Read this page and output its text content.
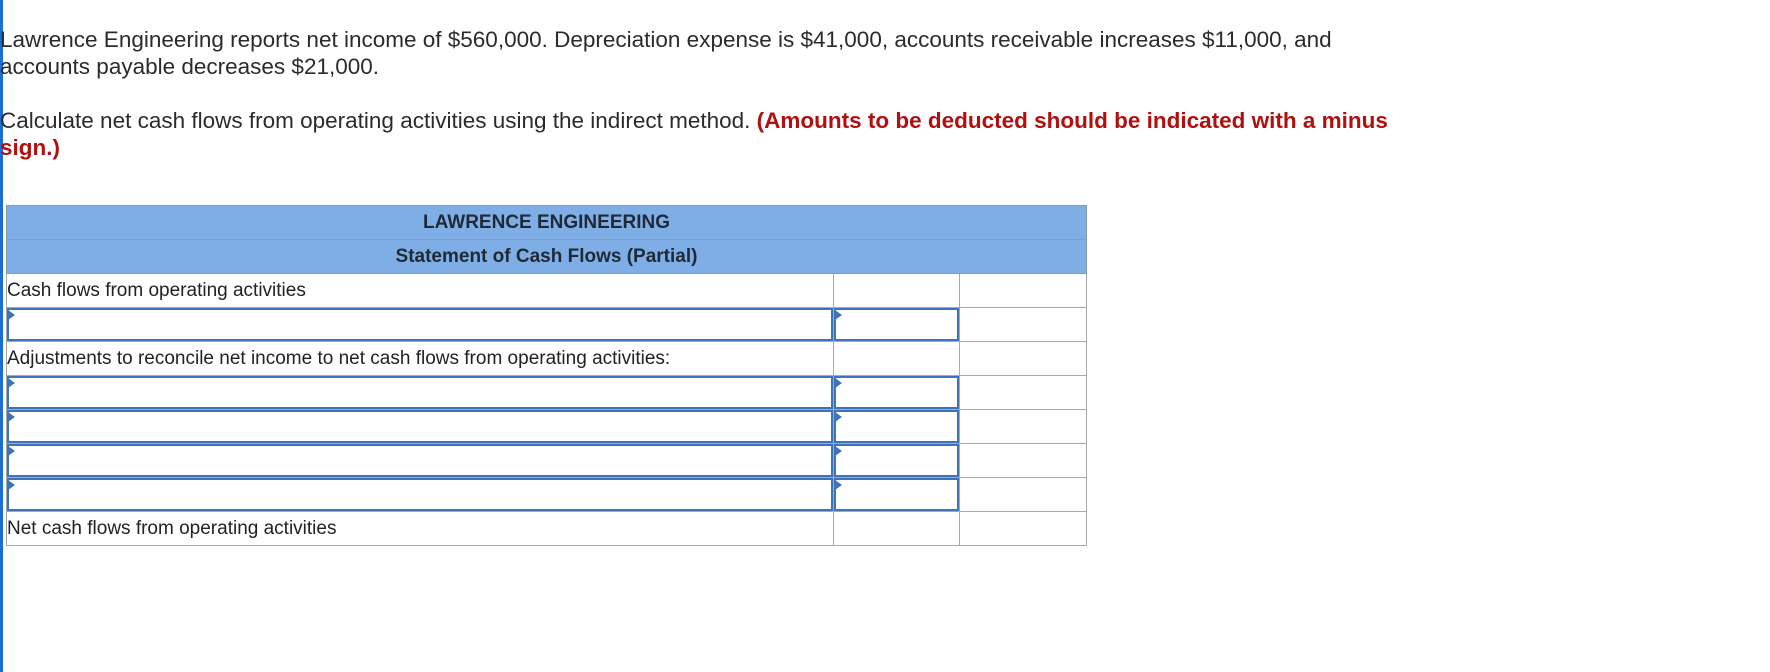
Lawrence Engineering reports net income of $560,000. Depreciation expense is $41,000, accounts receivable increases $11,000, and accounts payable decreases $21,000.

Calculate net cash flows from operating activities using the indirect method. (Amounts to be deducted should be indicated with a minus sign.)

LAWRENCE ENGINEERING		
Statement of Cash Flows (Partial)		
Cash flows from operating activities		

Adjustments to reconcile net income to net cash flows from operating activities:		

Net cash flows from operating activities		
